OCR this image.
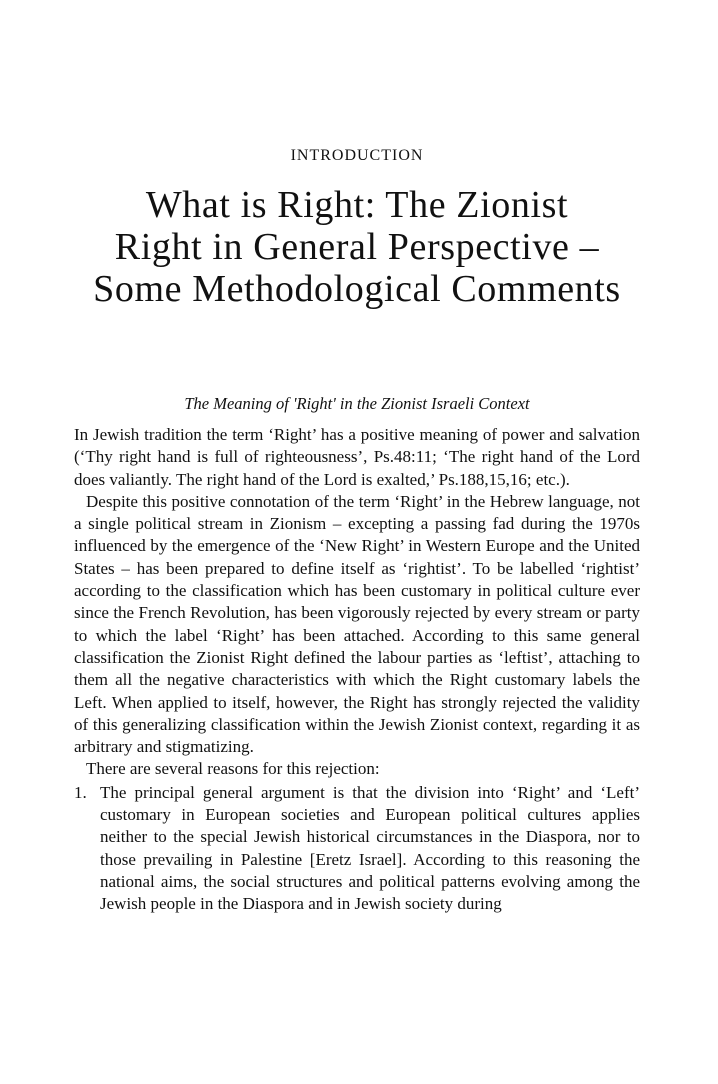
INTRODUCTION
What is Right: The Zionist
Right in General Perspective –
Some Methodological Comments
The Meaning of 'Right' in the Zionist Israeli Context

In Jewish tradition the term ‘Right’ has a positive meaning of power and salvation (‘Thy right hand is full of righteousness’, Ps.48:11; ‘The right hand of the Lord does valiantly. The right hand of the Lord is exalted,’ Ps.188,15,16; etc.).

Despite this positive connotation of the term ‘Right’ in the Hebrew language, not a single political stream in Zionism – excepting a passing fad during the 1970s influenced by the emergence of the ‘New Right’ in Western Europe and the United States – has been prepared to define itself as ‘rightist’. To be labelled ‘rightist’ according to the classification which has been customary in political culture ever since the French Revolution, has been vigorously rejected by every stream or party to which the label ‘Right’ has been attached. According to this same general classification the Zionist Right defined the labour parties as ‘leftist’, attaching to them all the negative characteristics with which the Right customary labels the Left. When applied to itself, however, the Right has strongly rejected the validity of this generalizing classification within the Jewish Zionist context, regarding it as arbitrary and stigmatizing.

There are several reasons for this rejection:

1. The principal general argument is that the division into ‘Right’ and ‘Left’ customary in European societies and European political cultures applies neither to the special Jewish historical circumstances in the Diaspora, nor to those prevailing in Palestine [Eretz Israel]. According to this reasoning the national aims, the social structures and political patterns evolving among the Jewish people in the Diaspora and in Jewish society during
